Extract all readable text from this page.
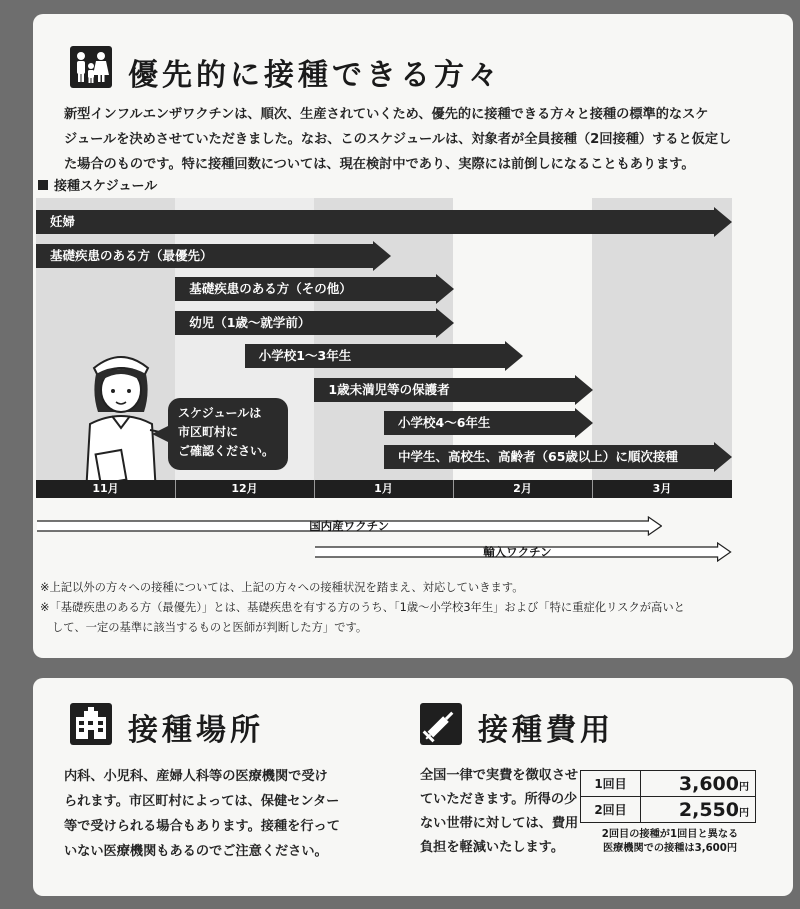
優先的に接種できる方々
新型インフルエンザワクチンは、順次、生産されていくため、優先的に接種できる方々と接種の標準的なスケ
ジュールを決めさせていただきました。なお、このスケジュールは、対象者が全員接種（2回接種）すると仮定し
た場合のものです。特に接種回数については、現在検討中であり、実際には前倒しになることもあります。
接種スケジュール
妊婦
基礎疾患のある方（最優先）
基礎疾患のある方（その他）
幼児（1歳～就学前）
小学校1～3年生
1歳未満児等の保護者
小学校4～6年生
中学生、高校生、高齢者（65歳以上）に順次接種
スケジュールは
市区町村に
ご確認ください。
11月	12月	1月	2月	3月
国内産ワクチン
輸入ワクチン
※上記以外の方々への接種については、上記の方々への接種状況を踏まえ、対応していきます。
※「基礎疾患のある方（最優先）」とは、基礎疾患を有する方のうち、「1歳～小学校3年生」および「特に重症化リスクが高いと
して、一定の基準に該当するものと医師が判断した方」です。
接種場所
内科、小児科、産婦人科等の医療機関で受け
られます。市区町村によっては、保健センター
等で受けられる場合もあります。接種を行って
いない医療機関もあるのでご注意ください。
接種費用
全国一律で実費を徴収させ
ていただきます。所得の少
ない世帯に対しては、費用
負担を軽減いたします。
1回目	3,600円
2回目	2,550円
2回目の接種が1回目と異なる
医療機関での接種は3,600円
